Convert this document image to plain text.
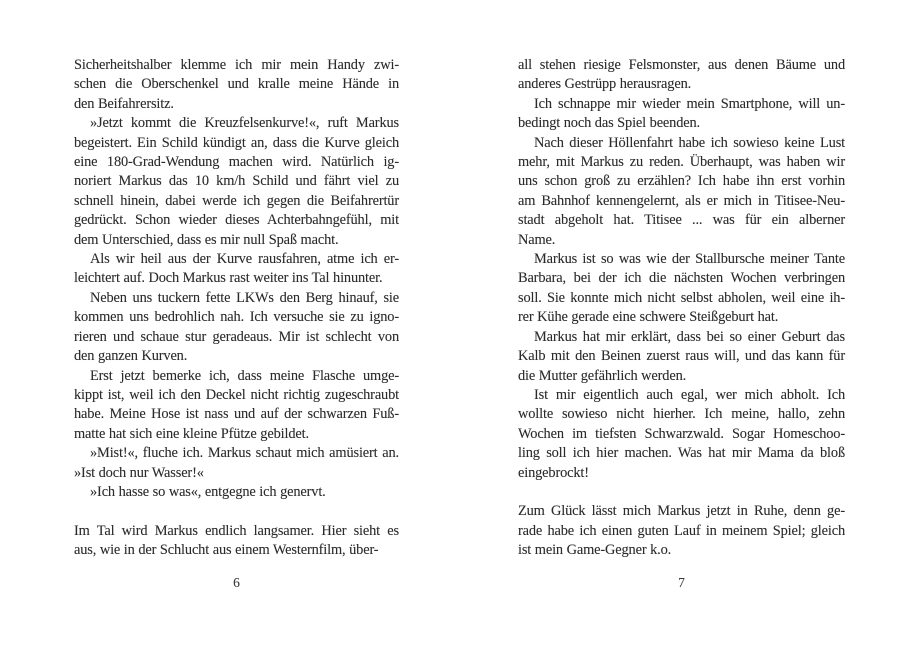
Sicherheitshalber klemme ich mir mein Handy zwi-
schen die Oberschenkel und kralle meine Hände in
den Beifahrersitz.
»Jetzt kommt die Kreuzfelsenkurve!«, ruft Markus
begeistert. Ein Schild kündigt an, dass die Kurve gleich
eine 180-Grad-Wendung machen wird. Natürlich ig-
noriert Markus das 10 km/h Schild und fährt viel zu
schnell hinein, dabei werde ich gegen die Beifahrertür
gedrückt. Schon wieder dieses Achterbahngefühl, mit
dem Unterschied, dass es mir null Spaß macht.
Als wir heil aus der Kurve rausfahren, atme ich er-
leichtert auf. Doch Markus rast weiter ins Tal hinunter.
Neben uns tuckern fette LKWs den Berg hinauf, sie
kommen uns bedrohlich nah. Ich versuche sie zu igno-
rieren und schaue stur geradeaus. Mir ist schlecht von
den ganzen Kurven.
Erst jetzt bemerke ich, dass meine Flasche umge-
kippt ist, weil ich den Deckel nicht richtig zugeschraubt
habe. Meine Hose ist nass und auf der schwarzen Fuß-
matte hat sich eine kleine Pfütze gebildet.
»Mist!«, fluche ich. Markus schaut mich amüsiert an.
»Ist doch nur Wasser!«
»Ich hasse so was«, entgegne ich genervt.
Im Tal wird Markus endlich langsamer. Hier sieht es
aus, wie in der Schlucht aus einem Westernfilm, über-
all stehen riesige Felsmonster, aus denen Bäume und
anderes Gestrüpp herausragen.
Ich schnappe mir wieder mein Smartphone, will un-
bedingt noch das Spiel beenden.
Nach dieser Höllenfahrt habe ich sowieso keine Lust
mehr, mit Markus zu reden. Überhaupt, was haben wir
uns schon groß zu erzählen? Ich habe ihn erst vorhin
am Bahnhof kennengelernt, als er mich in Titisee-Neu-
stadt abgeholt hat. Titisee ... was für ein alberner
Name.
Markus ist so was wie der Stallbursche meiner Tante
Barbara, bei der ich die nächsten Wochen verbringen
soll. Sie konnte mich nicht selbst abholen, weil eine ih-
rer Kühe gerade eine schwere Steißgeburt hat.
Markus hat mir erklärt, dass bei so einer Geburt das
Kalb mit den Beinen zuerst raus will, und das kann für
die Mutter gefährlich werden.
Ist mir eigentlich auch egal, wer mich abholt. Ich
wollte sowieso nicht hierher. Ich meine, hallo, zehn
Wochen im tiefsten Schwarzwald. Sogar Homeschoo-
ling soll ich hier machen. Was hat mir Mama da bloß
eingebrockt!
Zum Glück lässt mich Markus jetzt in Ruhe, denn ge-
rade habe ich einen guten Lauf in meinem Spiel; gleich
ist mein Game-Gegner k.o.
6	7
